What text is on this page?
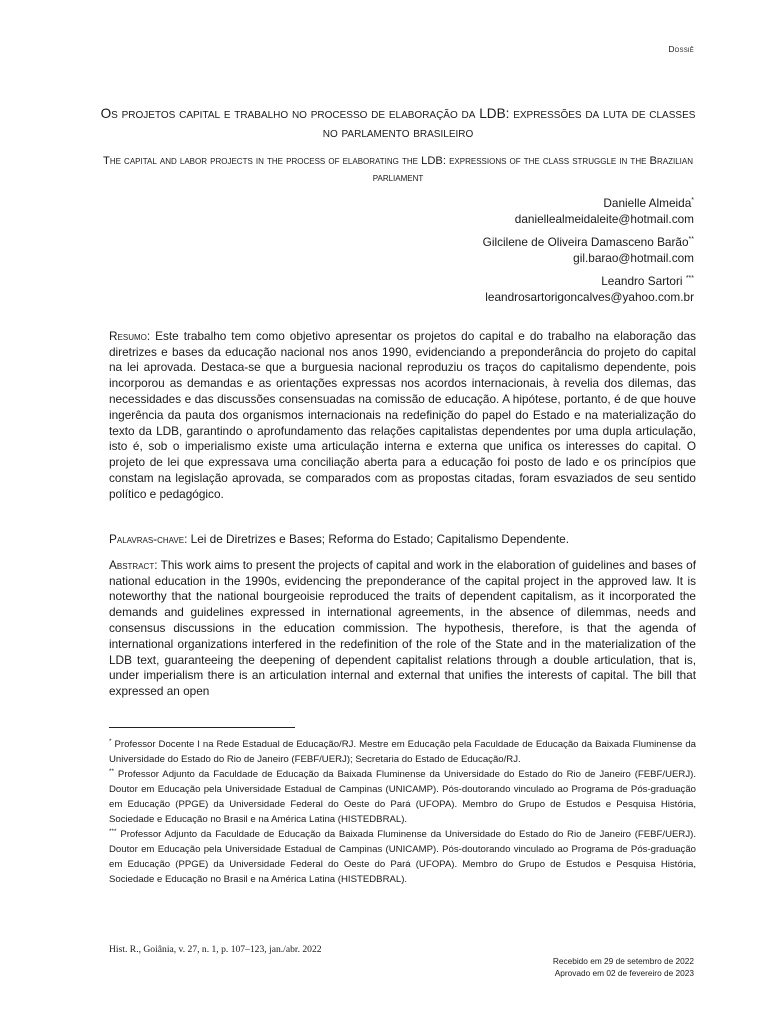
Dossiê
Os projetos capital e trabalho no processo de elaboração da LDB: expressões da luta de classes no parlamento brasileiro

The capital and labor projects in the process of elaborating the LDB: expressions of the class struggle in the Brazilian parliament

Danielle Almeida*
daniellealmeidaleite@hotmail.com
Gilcilene de Oliveira Damasceno Barão**
gil.barao@hotmail.com
Leandro Sartori ***
leandrosartorigoncalves@yahoo.com.br

Resumo: Este trabalho tem como objetivo apresentar os projetos do capital e do trabalho na elaboração das diretrizes e bases da educação nacional nos anos 1990, evidenciando a preponderância do projeto do capital na lei aprovada. Destaca-se que a burguesia nacional reproduziu os traços do capitalismo dependente, pois incorporou as demandas e as orientações expressas nos acordos internacionais, à revelia dos dilemas, das necessidades e das discussões consensuadas na comissão de educação. A hipótese, portanto, é de que houve ingerência da pauta dos organismos internacionais na redefinição do papel do Estado e na materialização do texto da LDB, garantindo o aprofundamento das relações capitalistas dependentes por uma dupla articulação, isto é, sob o imperialismo existe uma articulação interna e externa que unifica os interesses do capital. O projeto de lei que expressava uma conciliação aberta para a educação foi posto de lado e os princípios que constam na legislação aprovada, se comparados com as propostas citadas, foram esvaziados de seu sentido político e pedagógico.

Palavras-chave: Lei de Diretrizes e Bases; Reforma do Estado; Capitalismo Dependente.

Abstract: This work aims to present the projects of capital and work in the elaboration of guidelines and bases of national education in the 1990s, evidencing the preponderance of the capital project in the approved law. It is noteworthy that the national bourgeoisie reproduced the traits of dependent capitalism, as it incorporated the demands and guidelines expressed in international agreements, in the absence of dilemmas, needs and consensus discussions in the education commission. The hypothesis, therefore, is that the agenda of international organizations interfered in the redefinition of the role of the State and in the materialization of the LDB text, guaranteeing the deepening of dependent capitalist relations through a double articulation, that is, under imperialism there is an articulation internal and external that unifies the interests of capital. The bill that expressed an open

* Professor Docente I na Rede Estadual de Educação/RJ. Mestre em Educação pela Faculdade de Educação da Baixada Fluminense da Universidade do Estado do Rio de Janeiro (FEBF/UERJ); Secretaria do Estado de Educação/RJ.

** Professor Adjunto da Faculdade de Educação da Baixada Fluminense da Universidade do Estado do Rio de Janeiro (FEBF/UERJ). Doutor em Educação pela Universidade Estadual de Campinas (UNICAMP). Pós-doutorando vinculado ao Programa de Pós-graduação em Educação (PPGE) da Universidade Federal do Oeste do Pará (UFOPA). Membro do Grupo de Estudos e Pesquisa História, Sociedade e Educação no Brasil e na América Latina (HISTEDBRAL).

*** Professor Adjunto da Faculdade de Educação da Baixada Fluminense da Universidade do Estado do Rio de Janeiro (FEBF/UERJ). Doutor em Educação pela Universidade Estadual de Campinas (UNICAMP). Pós-doutorando vinculado ao Programa de Pós-graduação em Educação (PPGE) da Universidade Federal do Oeste do Pará (UFOPA). Membro do Grupo de Estudos e Pesquisa História, Sociedade e Educação no Brasil e na América Latina (HISTEDBRAL).

Hist. R., Goiânia, v. 27, n. 1, p. 107–123, jan./abr. 2022
Recebido em 29 de setembro de 2022
Aprovado em 02 de fevereiro de 2023
